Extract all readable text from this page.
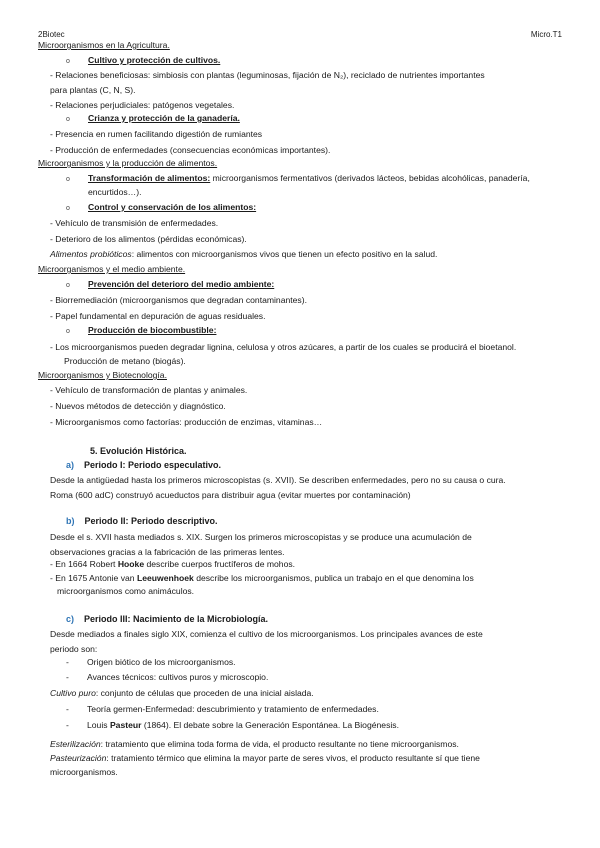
2Biotec	Micro.T1
Microorganismos en la Agricultura.
o Cultivo y protección de cultivos.
- Relaciones beneficiosas: simbiosis con plantas (leguminosas, fijación de N₂), reciclado de nutrientes importantes
para plantas (C, N, S).
- Relaciones perjudiciales: patógenos vegetales.
o Crianza y protección de la ganadería.
- Presencia en rumen facilitando digestión de rumiantes
- Producción de enfermedades (consecuencias económicas importantes).
Microorganismos y la producción de alimentos.
o Transformación de alimentos: microorganismos fermentativos (derivados lácteos, bebidas alcohólicas, panadería,
encurtidos…).
o Control y conservación de los alimentos:
- Vehículo de transmisión de enfermedades.
- Deterioro de los alimentos (pérdidas económicas).
Alimentos probióticos: alimentos con microorganismos vivos que tienen un efecto positivo en la salud.
Microorganismos y el medio ambiente.
o Prevención del deterioro del medio ambiente:
- Biorremediación (microorganismos que degradan contaminantes).
- Papel fundamental en depuración de aguas residuales.
o Producción de biocombustible:
- Los microorganismos pueden degradar lignina, celulosa y otros azúcares, a partir de los cuales se producirá el bioetanol.
Producción de metano (biogás).
Microorganismos y Biotecnología.
- Vehículo de transformación de plantas y animales.
- Nuevos métodos de detección y diagnóstico.
- Microorganismos como factorías: producción de enzimas, vitaminas…
5. Evolución Histórica.
a) Periodo I: Periodo especulativo.
Desde la antigüedad hasta los primeros microscopistas (s. XVII). Se describen enfermedades, pero no su causa o cura.
Roma (600 adC) construyó acueductos para distribuir agua (evitar muertes por contaminación)
b) Periodo II: Periodo descriptivo.
Desde el s. XVII hasta mediados s. XIX. Surgen los primeros microscopistas y se produce una acumulación de
observaciones gracias a la fabricación de las primeras lentes.
- En 1664 Robert Hooke describe cuerpos fructíferos de mohos.
- En 1675 Antonie van Leeuwenhoek describe los microorganismos, publica un trabajo en el que denomina los
microorganismos como animáculos.
c) Periodo III: Nacimiento de la Microbiología.
Desde mediados a finales siglo XIX, comienza el cultivo de los microorganismos. Los principales avances de este
periodo son:
- Origen biótico de los microorganismos.
- Avances técnicos: cultivos puros y microscopio.
Cultivo puro: conjunto de células que proceden de una inicial aislada.
- Teoría germen-Enfermedad: descubrimiento y tratamiento de enfermedades.
- Louis Pasteur (1864). El debate sobre la Generación Espontánea. La Biogénesis.
Esterilización: tratamiento que elimina toda forma de vida, el producto resultante no tiene microorganismos.
Pasteurización: tratamiento térmico que elimina la mayor parte de seres vivos, el producto resultante sí que tiene
microorganismos.
